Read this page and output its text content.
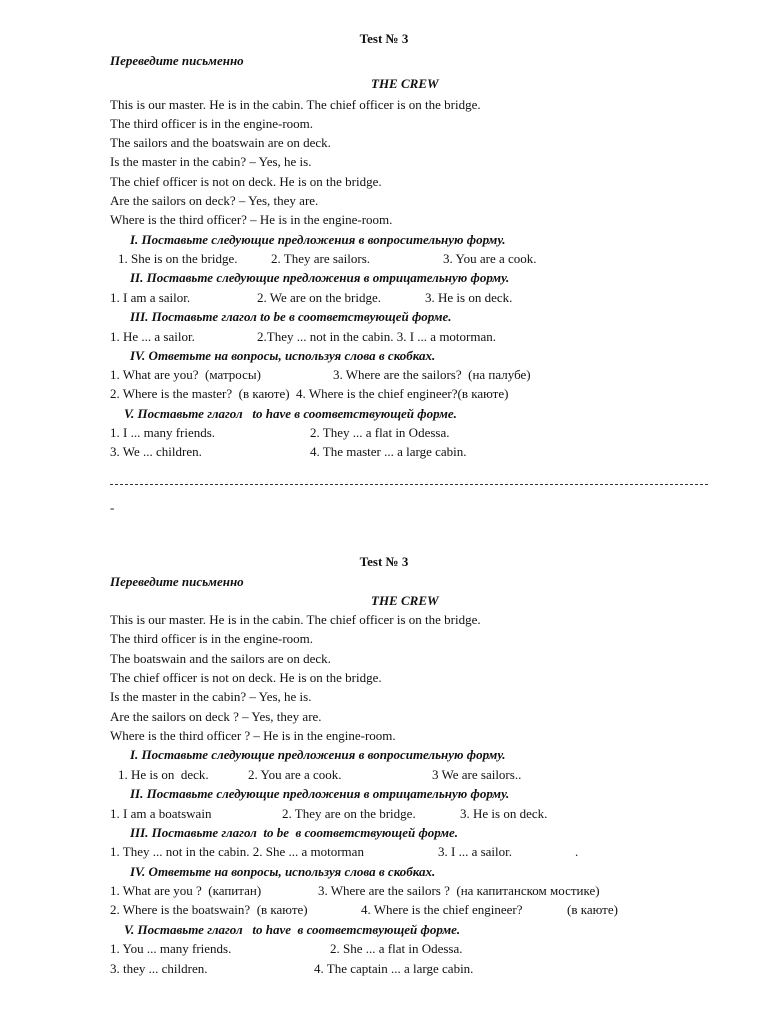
Test № 3
Переведите письменно
THE CREW
This is our master. He is in the cabin. The chief officer is on the bridge.
The third officer is in the engine-room.
The sailors and the boatswain are on deck.
Is the master in the cabin? – Yes, he is.
The chief officer is not on deck. He is on the bridge.
Are the sailors on deck? – Yes, they are.
Where is the third officer? – He is in the engine-room.
I. Поставьте следующие предложения в вопросительную форму.

1. She is on the bridge.

	2. They are sailors.

	3. You are a cook.

II. Поставьте следующие предложения в отрицательную форму.

1. I am a sailor.

	2. We are on the bridge.

	3. He is on deck.

III. Поставьте глагол to be в соответствующей форме.

1. He ... a sailor.

	2.They ... not in the cabin. 3. I ... a motorman.

IV. Ответьте на вопросы, используя слова в скобках.

1. What are you?  (матросы)

	3. Where are the sailors?  (на палубе)

2. Where is the master?  (в каюте)  4. Where is the chief engineer?(в каюте)
V. Поставьте глагол   to have в соответствующей форме.

1. I ... many friends.

	2. They ... a flat in Odessa.

3. We ... children.

	4. The master ... a large cabin.

-
Test № 3
Переведите письменно
THE CREW
This is our master. He is in the cabin. The chief officer is on the bridge.
The third officer is in the engine-room.
The boatswain and the sailors are on deck.
The chief officer is not on deck. He is on the bridge.
Is the master in the cabin? – Yes, he is.
Are the sailors on deck ? – Yes, they are.
Where is the third officer ? – He is in the engine-room.
I. Поставьте следующие предложения в вопросительную форму.

1. He is on  deck.

	2. You are a cook.

	3 We are sailors..

II. Поставьте следующие предложения в отрицательную форму.

1. I am a boatswain

	2. They are on the bridge.

	3. He is on deck.

III. Поставьте глагол  to be  в соответствующей форме.

1. They ... not in the cabin. 2. She ... a motorman

	3. I ... a sailor.

	.

IV. Ответьте на вопросы, используя слова в скобках.

1. What are you ?  (капитан)

	3. Where are the sailors ?  (на капитанском мостике)

2. Where is the boatswain?  (в каюте)

	4. Where is the chief engineer?

	(в каюте)

V. Поставьте глагол   to have  в соответствующей форме.

1. You ... many friends.

	2. She ... a flat in Odessa.

3. they ... children.

	4. The captain ... a large cabin.
